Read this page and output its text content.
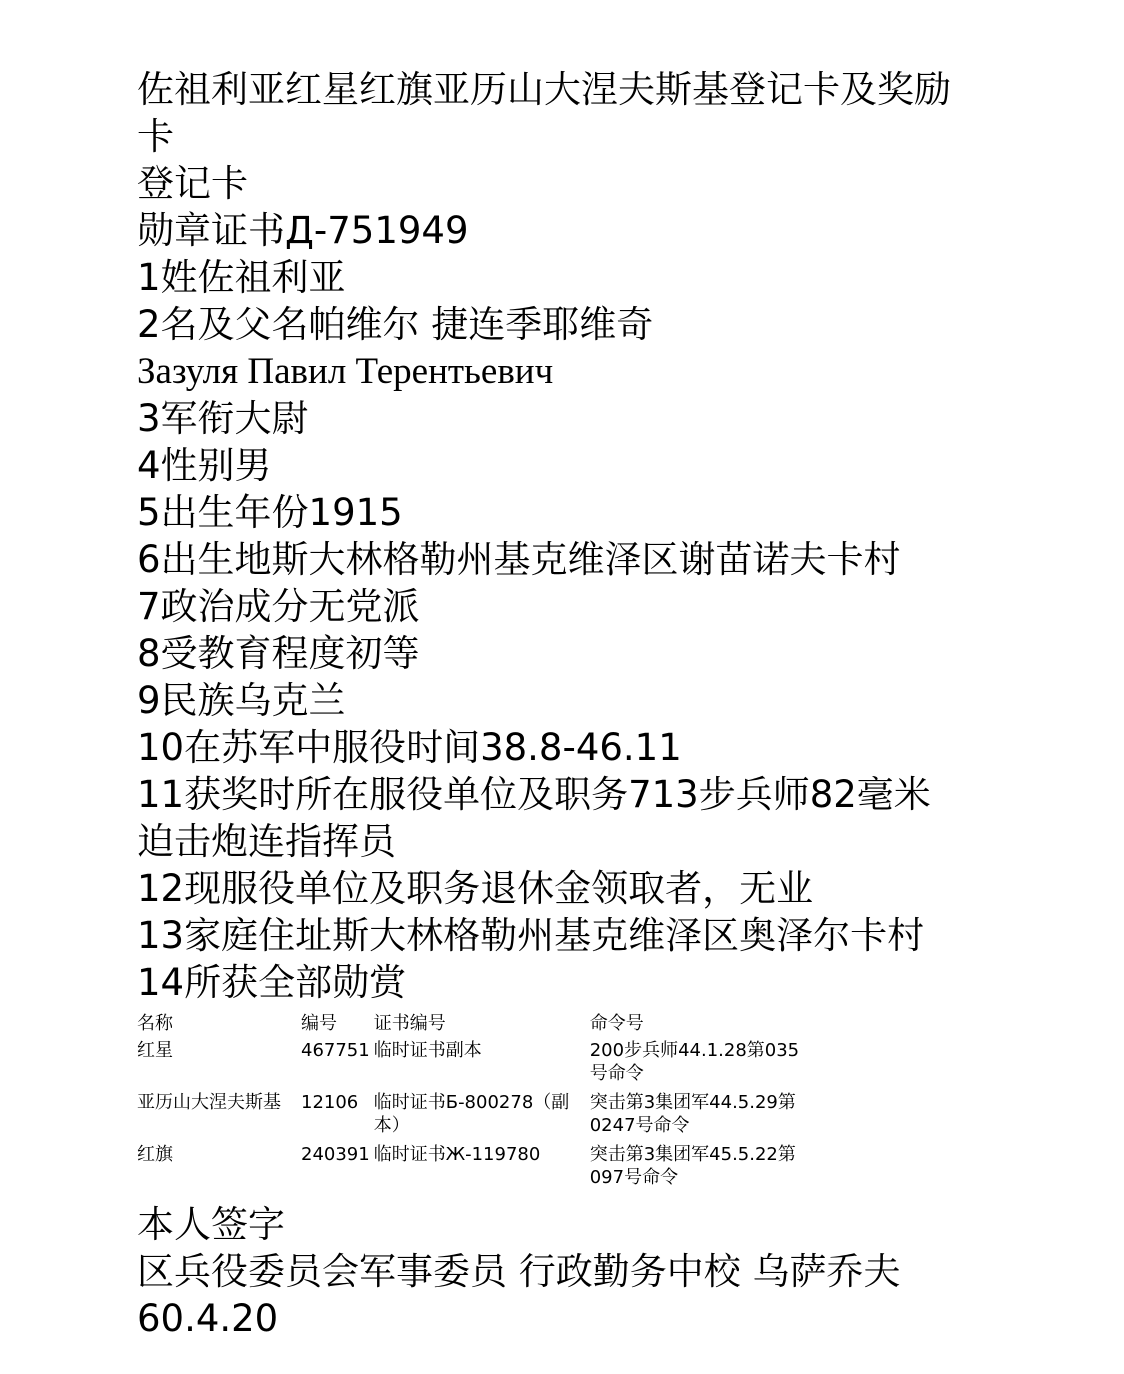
佐祖利亚红星红旗亚历山大涅夫斯基登记卡及奖励卡
登记卡
勋章证书Д-751949
1姓佐祖利亚
2名及父名帕维尔 捷连季耶维奇
Зазуля Павил Терентьевич
3军衔大尉
4性别男
5出生年份1915
6出生地斯大林格勒州基克维泽区谢苗诺夫卡村
7政治成分无党派
8受教育程度初等
9民族乌克兰
10在苏军中服役时间38.8-46.11
11获奖时所在服役单位及职务713步兵师82毫米迫击炮连指挥员
12现服役单位及职务退休金领取者，无业
13家庭住址斯大林格勒州基克维泽区奥泽尔卡村
14所获全部勋赏
名称	编号	证书编号	命令号
红星	467751	临时证书副本	200步兵师44.1.28第035号命令
亚历山大涅夫斯基	12106	临时证书Б-800278（副本）	突击第3集团军44.5.29第0247号命令
红旗	240391	临时证书Ж-119780	突击第3集团军45.5.22第097号命令
本人签字
区兵役委员会军事委员 行政勤务中校 乌萨乔夫
60.4.20
